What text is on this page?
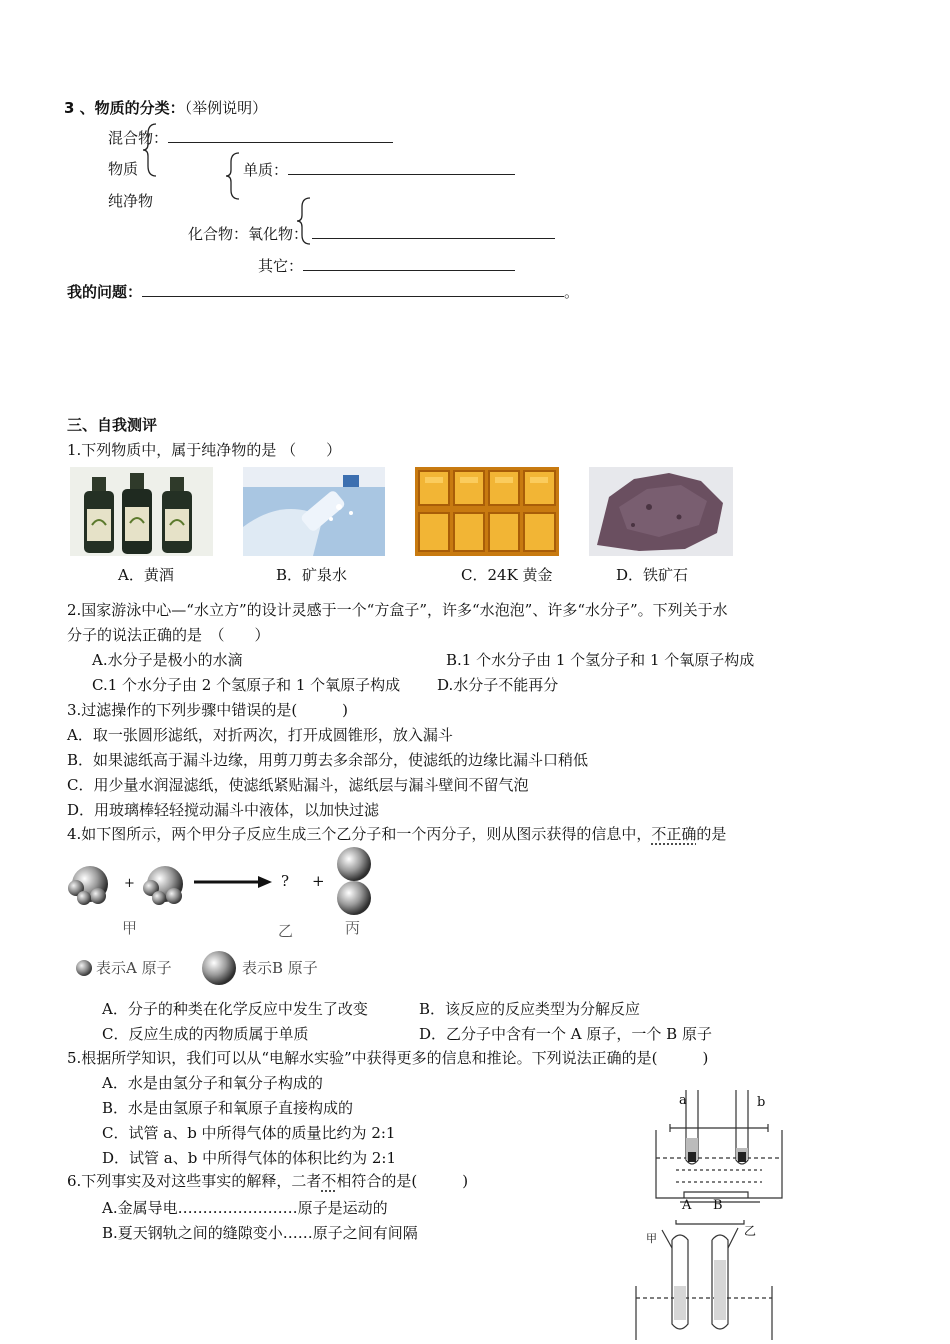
3 、物质的分类：（举例说明）
混合物：
物质	单质：
纯净物
化合物：氧化物：
其它：
我的问题：	。
三、自我测评
1.下列物质中，属于纯净物的是 （　　）
A．黄酒	B．矿泉水	C．24K 黄金	D．铁矿石
2.国家游泳中心—“水立方”的设计灵感于一个“方盒子”，许多“水泡泡”、许多“水分子”。下列关于水
分子的说法正确的是　（　　）
A.水分子是极小的水滴	B.1 个水分子由 1 个氢分子和 1 个氧原子构成
C.1 个水分子由 2 个氢原子和 1 个氧原子构成 D.水分子不能再分
3.过滤操作的下列步骤中错误的是(　　　)
A．取一张圆形滤纸，对折两次，打开成圆锥形，放入漏斗
B．如果滤纸高于漏斗边缘，用剪刀剪去多余部分，使滤纸的边缘比漏斗口稍低
C．用少量水润湿滤纸，使滤纸紧贴漏斗，滤纸层与漏斗壁间不留气泡
D．用玻璃棒轻轻搅动漏斗中液体，以加快过滤
4.如下图所示，两个甲分子反应生成三个乙分子和一个丙分子，则从图示获得的信息中，不正确的是
+	? +
甲	乙	丙
表示A 原子	表示B 原子
A．分子的种类在化学反应中发生了改变	B．该反应的反应类型为分解反应
C．反应生成的丙物质属于单质	D．乙分子中含有一个 A 原子，一个 B 原子
5.根据所学知识，我们可以从“电解水实验”中获得更多的信息和推论。下列说法正确的是(　　　)
A．水是由氢分子和氧分子构成的
B．水是由氢原子和氧原子直接构成的
C．试管 a、b 中所得气体的质量比约为 2:1
D．试管 a、b 中所得气体的体积比约为 2:1
a	b
6.下列事实及对这些事实的解释，二者不相符合的是(　　　)
A.金属导电……………………原子是运动的
B.夏天钢轨之间的缝隙变小……原子之间有间隔
A B
甲
乙
